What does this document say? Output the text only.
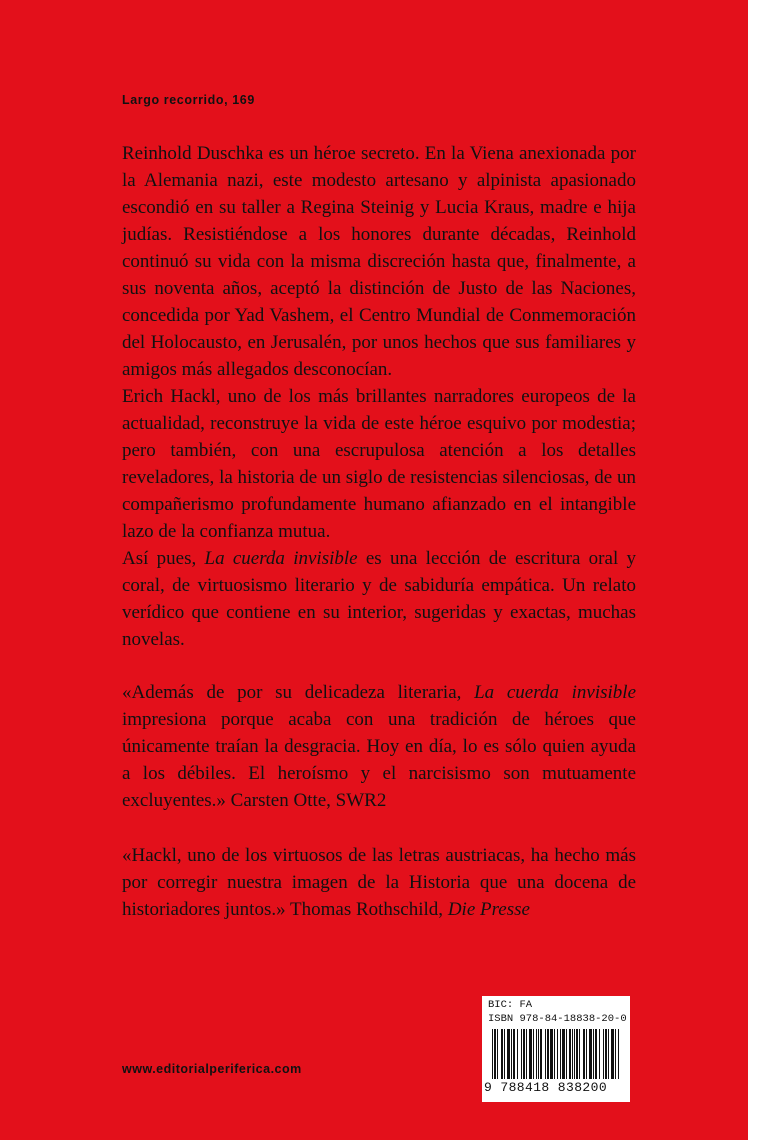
Largo recorrido, 169

Reinhold Duschka es un héroe secreto. En la Viena anexionada por la Alemania nazi, este modesto artesano y alpinista apasionado escondió en su taller a Regina Steinig y Lucia Kraus, madre e hija judías. Resistiéndose a los honores durante décadas, Reinhold continuó su vida con la misma discreción hasta que, finalmente, a sus noventa años, aceptó la distinción de Justo de las Naciones, concedida por Yad Vashem, el Centro Mundial de Conmemoración del Holocausto, en Jerusalén, por unos hechos que sus familiares y amigos más allegados desconocían.

Erich Hackl, uno de los más brillantes narradores europeos de la actualidad, reconstruye la vida de este héroe esquivo por modestia; pero también, con una escrupulosa atención a los detalles reveladores, la historia de un siglo de resistencias silenciosas, de un compañerismo profundamente humano afianzado en el intangible lazo de la confianza mutua.

Así pues, La cuerda invisible es una lección de escritura oral y coral, de virtuosismo literario y de sabiduría empática. Un relato verídico que contiene en su interior, sugeridas y exactas, muchas novelas.

«Además de por su delicadeza literaria, La cuerda invisible impresiona porque acaba con una tradición de héroes que únicamente traían la desgracia. Hoy en día, lo es sólo quien ayuda a los débiles. El heroísmo y el narcisismo son mutuamente excluyentes.» Carsten Otte, SWR2

«Hackl, uno de los virtuosos de las letras austriacas, ha hecho más por corregir nuestra imagen de la Historia que una docena de historiadores juntos.» Thomas Rothschild, Die Presse

BIC: FA
ISBN 978-84-18838-20-0
9 788418 838200
www.editorialperiferica.com
